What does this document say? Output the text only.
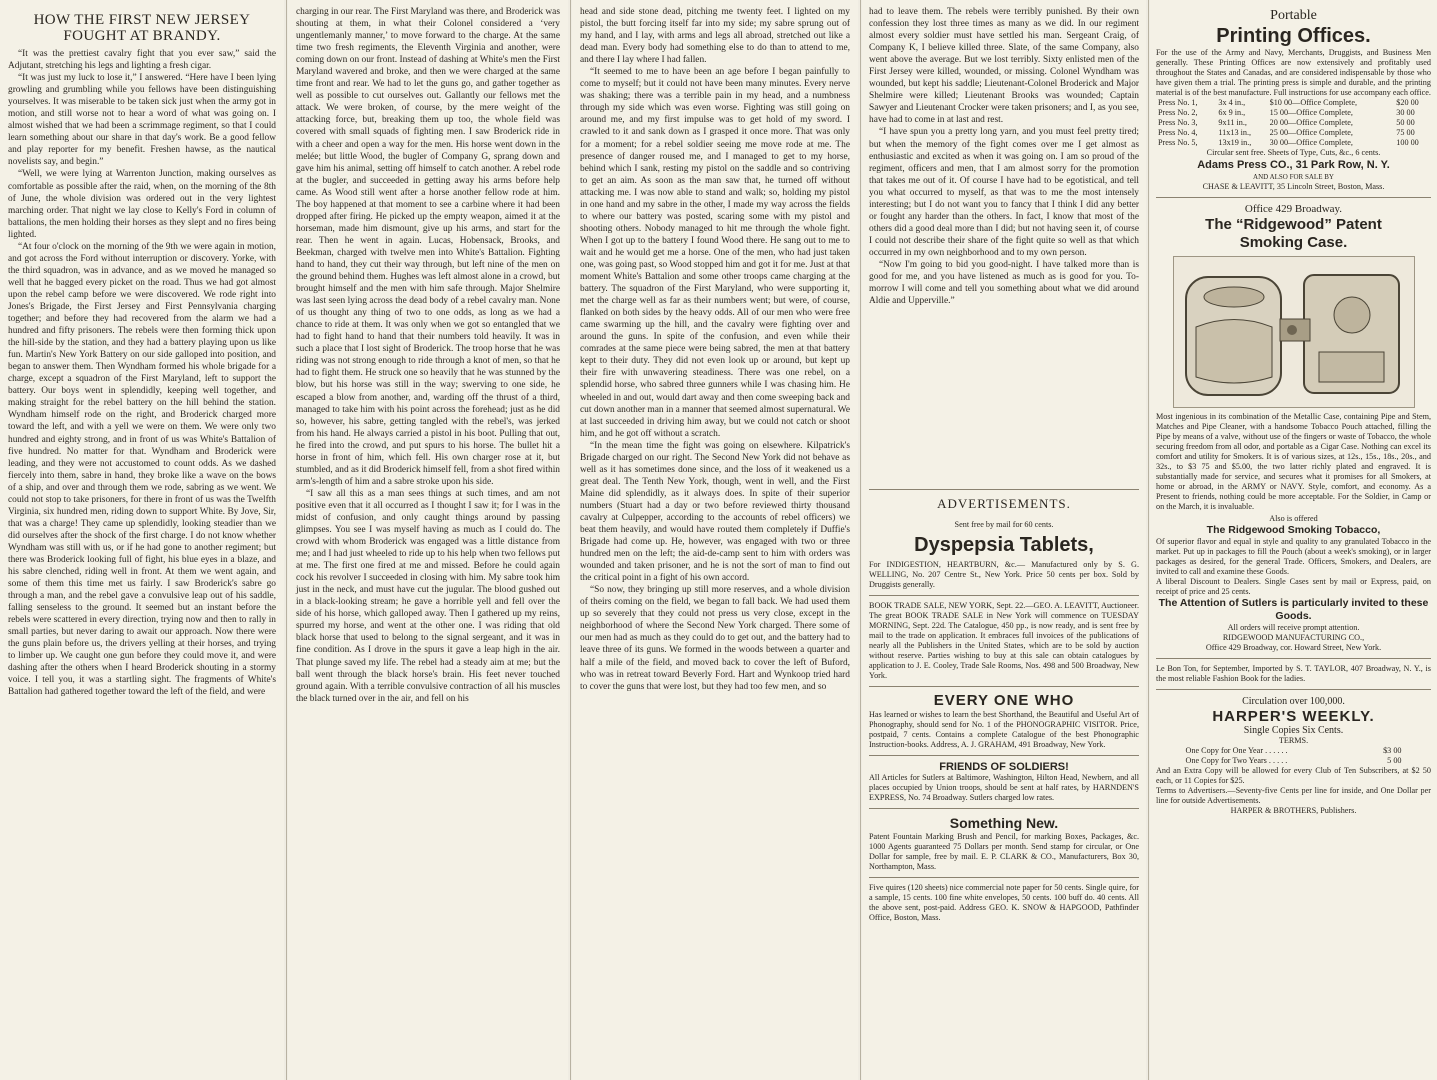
HOW THE FIRST NEW JERSEY FOUGHT AT BRANDY.

“It was the prettiest cavalry fight that you ever saw,” said the Adjutant, stretching his legs and lighting a fresh cigar.

“It was just my luck to lose it,” I answered. “Here have I been lying growling and grumbling while you fellows have been distinguishing yourselves. It was miserable to be taken sick just when the army got in motion, and still worse not to hear a word of what was going on. I almost wished that we had been a scrimmage regiment, so that I could learn something about our share in that day's work. Be a good fellow and play reporter for my benefit. Freshen hawse, as the nautical novelists say, and begin.”

“Well, we were lying at Warrenton Junction, making ourselves as comfortable as possible after the raid, when, on the morning of the 8th of June, the whole division was ordered out in the very lightest marching order. That night we lay close to Kelly's Ford in column of battalions, the men holding their horses as they slept and no fires being lighted.

“At four o'clock on the morning of the 9th we were again in motion, and got across the Ford without interruption or discovery. Yorke, with the third squadron, was in advance, and as we moved he managed so well that he bagged every picket on the road. Thus we had got almost upon the rebel camp before we were discovered. We rode right into Jones's Brigade, the First Jersey and First Pennsylvania charging together; and before they had recovered from the alarm we had a hundred and fifty prisoners. The rebels were then forming thick upon the hill-side by the station, and they had a battery playing upon us like fun. Martin's New York Battery on our side galloped into position, and began to answer them. Then Wyndham formed his whole brigade for a charge, except a squadron of the First Maryland, left to support the battery. Our boys went in splendidly, keeping well together, and making straight for the rebel battery on the hill behind the station. Wyndham himself rode on the right, and Broderick charged more toward the left, and with a yell we were on them. We were only two hundred and eighty strong, and in front of us was White's Battalion of five hundred. No matter for that. Wyndham and Broderick were leading, and they were not accustomed to count odds. As we dashed fiercely into them, sabre in hand, they broke like a wave on the bows of a ship, and over and through them we rode, sabring as we went. We could not stop to take prisoners, for there in front of us was the Twelfth Virginia, six hundred men, riding down to support White. By Jove, Sir, that was a charge! They came up splendidly, looking steadier than we did ourselves after the shock of the first charge. I do not know whether Wyndham was still with us, or if he had gone to another regiment; but there was Broderick looking full of fight, his blue eyes in a blaze, and his sabre clenched, riding well in front. At them we went again, and some of them this time met us fairly. I saw Broderick's sabre go through a man, and the rebel gave a convulsive leap out of his saddle, falling senseless to the ground. It seemed but an instant before the rebels were scattered in every direction, trying now and then to rally in small parties, but never daring to await our approach. Now there were the guns plain before us, the drivers yelling at their horses, and trying to limber up. We caught one gun before they could move it, and were dashing after the others when I heard Broderick shouting in a stormy voice. I tell you, it was a startling sight. The fragments of White's Battalion had gathered together toward the left of the field, and were

charging in our rear. The First Maryland was there, and Broderick was shouting at them, in what their Colonel considered a ‘very ungentlemanly manner,’ to move forward to the charge. At the same time two fresh regiments, the Eleventh Virginia and another, were coming down on our front. Instead of dashing at White's men the First Maryland wavered and broke, and then we were charged at the same time front and rear. We had to let the guns go, and gather together as well as possible to cut ourselves out. Gallantly our fellows met the attack. We were broken, of course, by the mere weight of the attacking force, but, breaking them up too, the whole field was covered with small squads of fighting men. I saw Broderick ride in with a cheer and open a way for the men. His horse went down in the melée; but little Wood, the bugler of Company G, sprang down and gave him his animal, setting off himself to catch another. A rebel rode at the bugler, and succeeded in getting away his arms before help came. As Wood still went after a horse another fellow rode at him. The boy happened at that moment to see a carbine where it had been dropped after firing. He picked up the empty weapon, aimed it at the horseman, made him dismount, give up his arms, and start for the rear. Then he went in again. Lucas, Hobensack, Brooks, and Beekman, charged with twelve men into White's Battalion. Fighting hand to hand, they cut their way through, but left nine of the men on the ground behind them. Hughes was left almost alone in a crowd, but brought himself and the men with him safe through. Major Shelmire was last seen lying across the dead body of a rebel cavalry man. None of us thought any thing of two to one odds, as long as we had a chance to ride at them. It was only when we got so entangled that we had to fight hand to hand that their numbers told heavily. It was in such a place that I lost sight of Broderick. The troop horse that he was riding was not strong enough to ride through a knot of men, so that he had to fight them. He struck one so heavily that he was stunned by the blow, but his horse was still in the way; swerving to one side, he escaped a blow from another, and, warding off the thrust of a third, managed to take him with his point across the forehead; just as he did so, however, his sabre, getting tangled with the rebel's, was jerked from his hand. He always carried a pistol in his boot. Pulling that out, he fired into the crowd, and put spurs to his horse. The bullet hit a horse in front of him, which fell. His own charger rose at it, but stumbled, and as it did Broderick himself fell, from a shot fired within arm's-length of him and a sabre stroke upon his side.

“I saw all this as a man sees things at such times, and am not positive even that it all occurred as I thought I saw it; for I was in the midst of confusion, and only caught things around by passing glimpses. You see I was myself having as much as I could do. The crowd with whom Broderick was engaged was a little distance from me; and I had just wheeled to ride up to his help when two fellows put at me. The first one fired at me and missed. Before he could again cock his revolver I succeeded in closing with him. My sabre took him just in the neck, and must have cut the jugular. The blood gushed out in a black-looking stream; he gave a horrible yell and fell over the side of his horse, which galloped away. Then I gathered up my reins, spurred my horse, and went at the other one. I was riding that old black horse that used to belong to the signal sergeant, and it was in fine condition. As I drove in the spurs it gave a leap high in the air. That plunge saved my life. The rebel had a steady aim at me; but the ball went through the black horse's brain. His feet never touched ground again. With a terrible convulsive contraction of all his muscles the black turned over in the air, and fell on his

head and side stone dead, pitching me twenty feet. I lighted on my pistol, the butt forcing itself far into my side; my sabre sprung out of my hand, and I lay, with arms and legs all abroad, stretched out like a dead man. Every body had something else to do than to attend to me, and there I lay where I had fallen.

“It seemed to me to have been an age before I began painfully to come to myself; but it could not have been many minutes. Every nerve was shaking; there was a terrible pain in my head, and a numbness through my side which was even worse. Fighting was still going on around me, and my first impulse was to get hold of my sword. I crawled to it and sank down as I grasped it once more. That was only for a moment; for a rebel soldier seeing me move rode at me. The presence of danger roused me, and I managed to get to my horse, behind which I sank, resting my pistol on the saddle and so contriving to get an aim. As soon as the man saw that, he turned off without attacking me. I was now able to stand and walk; so, holding my pistol in one hand and my sabre in the other, I made my way across the fields to where our battery was posted, scaring some with my pistol and shooting others. Nobody managed to hit me through the whole fight. When I got up to the battery I found Wood there. He sang out to me to wait and he would get me a horse. One of the men, who had just taken one, was going past, so Wood stopped him and got it for me. Just at that moment White's Battalion and some other troops came charging at the battery. The squadron of the First Maryland, who were supporting it, met the charge well as far as their numbers went; but were, of course, flanked on both sides by the heavy odds. All of our men who were free came swarming up the hill, and the cavalry were fighting over and around the guns. In spite of the confusion, and even while their comrades at the same piece were being sabred, the men at that battery kept to their duty. They did not even look up or around, but kept up their fire with unwavering steadiness. There was one rebel, on a splendid horse, who sabred three gunners while I was chasing him. He wheeled in and out, would dart away and then come sweeping back and cut down another man in a manner that seemed almost supernatural. We at last succeeded in driving him away, but we could not catch or shoot him, and he got off without a scratch.

“In the mean time the fight was going on elsewhere. Kilpatrick's Brigade charged on our right. The Second New York did not behave as well as it has sometimes done since, and the loss of it weakened us a great deal. The Tenth New York, though, went in well, and the First Maine did splendidly, as it always does. In spite of their superior numbers (Stuart had a day or two before reviewed thirty thousand cavalry at Culpepper, according to the accounts of rebel officers) we beat them heavily, and would have routed them completely if Duffie's Brigade had come up. He, however, was engaged with two or three hundred men on the left; the aid-de-camp sent to him with orders was wounded and taken prisoner, and he is not the sort of man to find out the critical point in a fight of his own accord.

“So now, they bringing up still more reserves, and a whole division of theirs coming on the field, we began to fall back. We had used them up so severely that they could not press us very close, except in the neighborhood of where the Second New York charged. There some of our men had as much as they could do to get out, and the battery had to leave three of its guns. We formed in the woods between a quarter and half a mile of the field, and moved back to cover the left of Buford, who was in retreat toward Beverly Ford. Hart and Wynkoop tried hard to cover the guns that were lost, but they had too few men, and so

had to leave them. The rebels were terribly punished. By their own confession they lost three times as many as we did. In our regiment almost every soldier must have settled his man. Sergeant Craig, of Company K, I believe killed three. Slate, of the same Company, also went above the average. But we lost terribly. Sixty enlisted men of the First Jersey were killed, wounded, or missing. Colonel Wyndham was wounded, but kept his saddle; Lieutenant-Colonel Broderick and Major Shelmire were killed; Lieutenant Brooks was wounded; Captain Sawyer and Lieutenant Crocker were taken prisoners; and I, as you see, have had to come in at last and rest.

“I have spun you a pretty long yarn, and you must feel pretty tired; but when the memory of the fight comes over me I get almost as enthusiastic and excited as when it was going on. I am so proud of the regiment, officers and men, that I am almost sorry for the promotion that takes me out of it. Of course I have had to be egotistical, and tell you what occurred to myself, as that was to me the most intensely interesting; but I do not want you to fancy that I think I did any better or fought any harder than the others. In fact, I know that most of the others did a good deal more than I did; but not having seen it, of course I could not describe their share of the fight quite so well as that which occurred in my own neighborhood and to my own person.

“Now I'm going to bid you good-night. I have talked more than is good for me, and you have listened as much as is good for you. To-morrow I will come and tell you something about what we did around Aldie and Upperville.”

ADVERTISEMENTS.
Sent free by mail for 60 cents.
Dyspepsia Tablets,
For INDIGESTION, HEARTBURN, &c.— Manufactured only by S. G. WELLING, No. 207 Centre St., New York. Price 50 cents per box. Sold by Druggists generally.
BOOK TRADE SALE, NEW YORK, Sept. 22.—GEO. A. LEAVITT, Auctioneer. The great BOOK TRADE SALE in New York will commence on TUESDAY MORNING, Sept. 22d. The Catalogue, 450 pp., is now ready, and is sent free by mail to the trade on application. It embraces full invoices of the publications of nearly all the Publishers in the United States, which are to be sold by auction without reserve. Parties wishing to buy at this sale can obtain catalogues by application to J. E. Cooley, Trade Sale Rooms, Nos. 498 and 500 Broadway, New York.
EVERY ONE WHO
Has learned or wishes to learn the best Shorthand, the Beautiful and Useful Art of Phonography, should send for No. 1 of the PHONOGRAPHIC VISITOR. Price, postpaid, 7 cents. Contains a complete Catalogue of the best Phonographic Instruction-books. Address, A. J. GRAHAM, 491 Broadway, New York.
FRIENDS OF SOLDIERS!
All Articles for Sutlers at Baltimore, Washington, Hilton Head, Newbern, and all places occupied by Union troops, should be sent at half rates, by HARNDEN'S EXPRESS, No. 74 Broadway. Sutlers charged low rates.
Something New.
Patent Fountain Marking Brush and Pencil, for marking Boxes, Packages, &c. 1000 Agents guaranteed 75 Dollars per month. Send stamp for circular, or One Dollar for sample, free by mail. E. P. CLARK & CO., Manufacturers, Box 30, Northampton, Mass.
Five quires (120 sheets) nice commercial note paper for 50 cents. Single quire, for a sample, 15 cents. 100 fine white envelopes, 50 cents. 100 buff do. 40 cents. All the above sent, post-paid. Address GEO. K. SNOW & HAPGOOD, Pathfinder Office, Boston, Mass.
Portable
Printing Offices.
For the use of the Army and Navy, Merchants, Druggists, and Business Men generally. These Printing Offices are now extensively and profitably used throughout the States and Canadas, and are considered indispensable by those who have given them a trial. The printing press is simple and durable, and the printing material is of the best manufacture. Full instructions for use accompany each office.
Press No. 1,	3x 4 in.,	$10 00—Office Complete,	$20 00
Press No. 2,	6x 9 in.,	15 00—Office Complete,	30 00
Press No. 3,	9x11 in.,	20 00—Office Complete,	50 00
Press No. 4,	11x13 in.,	25 00—Office Complete,	75 00
Press No. 5,	13x19 in.,	30 00—Office Complete,	100 00
Circular sent free. Sheets of Type, Cuts, &c., 6 cents.
Adams Press CO., 31 Park Row, N. Y.
AND ALSO FOR SALE BY
CHASE & LEAVITT, 35 Lincoln Street, Boston, Mass.
Office 429 Broadway.
The “Ridgewood” Patent
Smoking Case.
Most ingenious in its combination of the Metallic Case, containing Pipe and Stem, Matches and Pipe Cleaner, with a handsome Tobacco Pouch attached, filling the Pipe by means of a valve, without use of the fingers or waste of Tobacco, the whole securing freedom from all odor, and portable as a Cigar Case. Nothing can excel its comfort and utility for Smokers. It is of various sizes, at 12s., 15s., 18s., 20s., and 32s., to $3 75 and $5.00, the two latter richly plated and engraved. It is substantially made for service, and secures what it promises for all Smokers, at home or abroad, in the ARMY or NAVY. Style, comfort, and economy. As a Present to friends, nothing could be more acceptable. For the Soldier, in Camp or on the March, it is invaluable.
Also is offered
The Ridgewood Smoking Tobacco,
Of superior flavor and equal in style and quality to any granulated Tobacco in the market. Put up in packages to fill the Pouch (about a week's smoking), or in larger packages as desired, for the general Trade. Officers, Smokers, and Dealers, are invited to call and examine these Goods.
A liberal Discount to Dealers. Single Cases sent by mail or Express, paid, on receipt of price and 25 cents.
The Attention of Sutlers is particularly invited to these Goods.
All orders will receive prompt attention.
RIDGEWOOD MANUFACTURING CO.,
Office 429 Broadway, cor. Howard Street, New York.
Le Bon Ton, for September, Imported by S. T. TAYLOR, 407 Broadway, N. Y., is the most reliable Fashion Book for the ladies.
Circulation over 100,000.
HARPER'S WEEKLY.
Single Copies Six Cents.
TERMS.
One Copy for One Year . . . . . .	$3 00
One Copy for Two Years . . . . .	5 00
And an Extra Copy will be allowed for every Club of Ten Subscribers, at $2 50 each, or 11 Copies for $25.
Terms to Advertisers.—Seventy-five Cents per line for inside, and One Dollar per line for outside Advertisements.
HARPER & BROTHERS, Publishers.
